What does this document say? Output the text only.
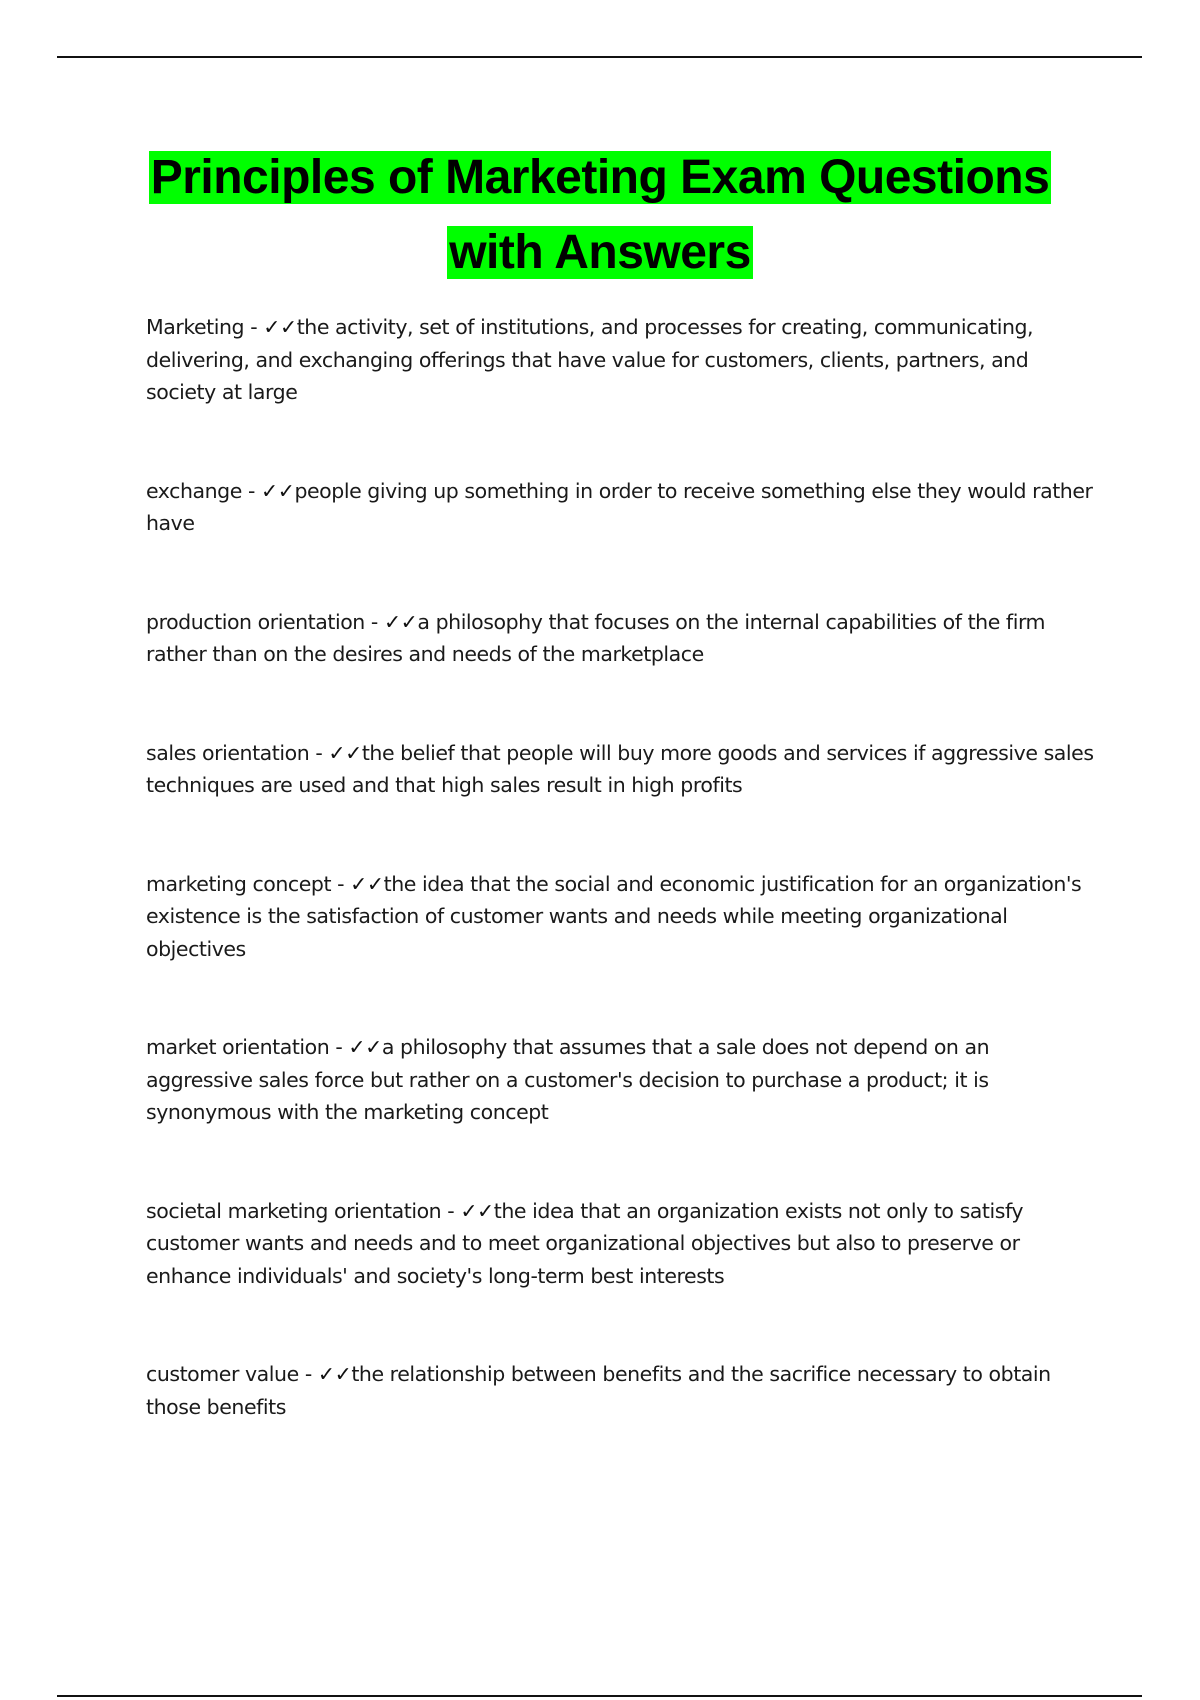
Principles of Marketing Exam Questions with Answers

Marketing - ✓✓the activity, set of institutions, and processes for creating, communicating, delivering, and exchanging offerings that have value for customers, clients, partners, and society at large

exchange - ✓✓people giving up something in order to receive something else they would rather have

production orientation - ✓✓a philosophy that focuses on the internal capabilities of the firm rather than on the desires and needs of the marketplace

sales orientation - ✓✓the belief that people will buy more goods and services if aggressive sales techniques are used and that high sales result in high profits

marketing concept - ✓✓the idea that the social and economic justification for an organization's existence is the satisfaction of customer wants and needs while meeting organizational objectives

market orientation - ✓✓a philosophy that assumes that a sale does not depend on an aggressive sales force but rather on a customer's decision to purchase a product; it is synonymous with the marketing concept

societal marketing orientation - ✓✓the idea that an organization exists not only to satisfy customer wants and needs and to meet organizational objectives but also to preserve or enhance individuals' and society's long-term best interests

customer value - ✓✓the relationship between benefits and the sacrifice necessary to obtain those benefits
